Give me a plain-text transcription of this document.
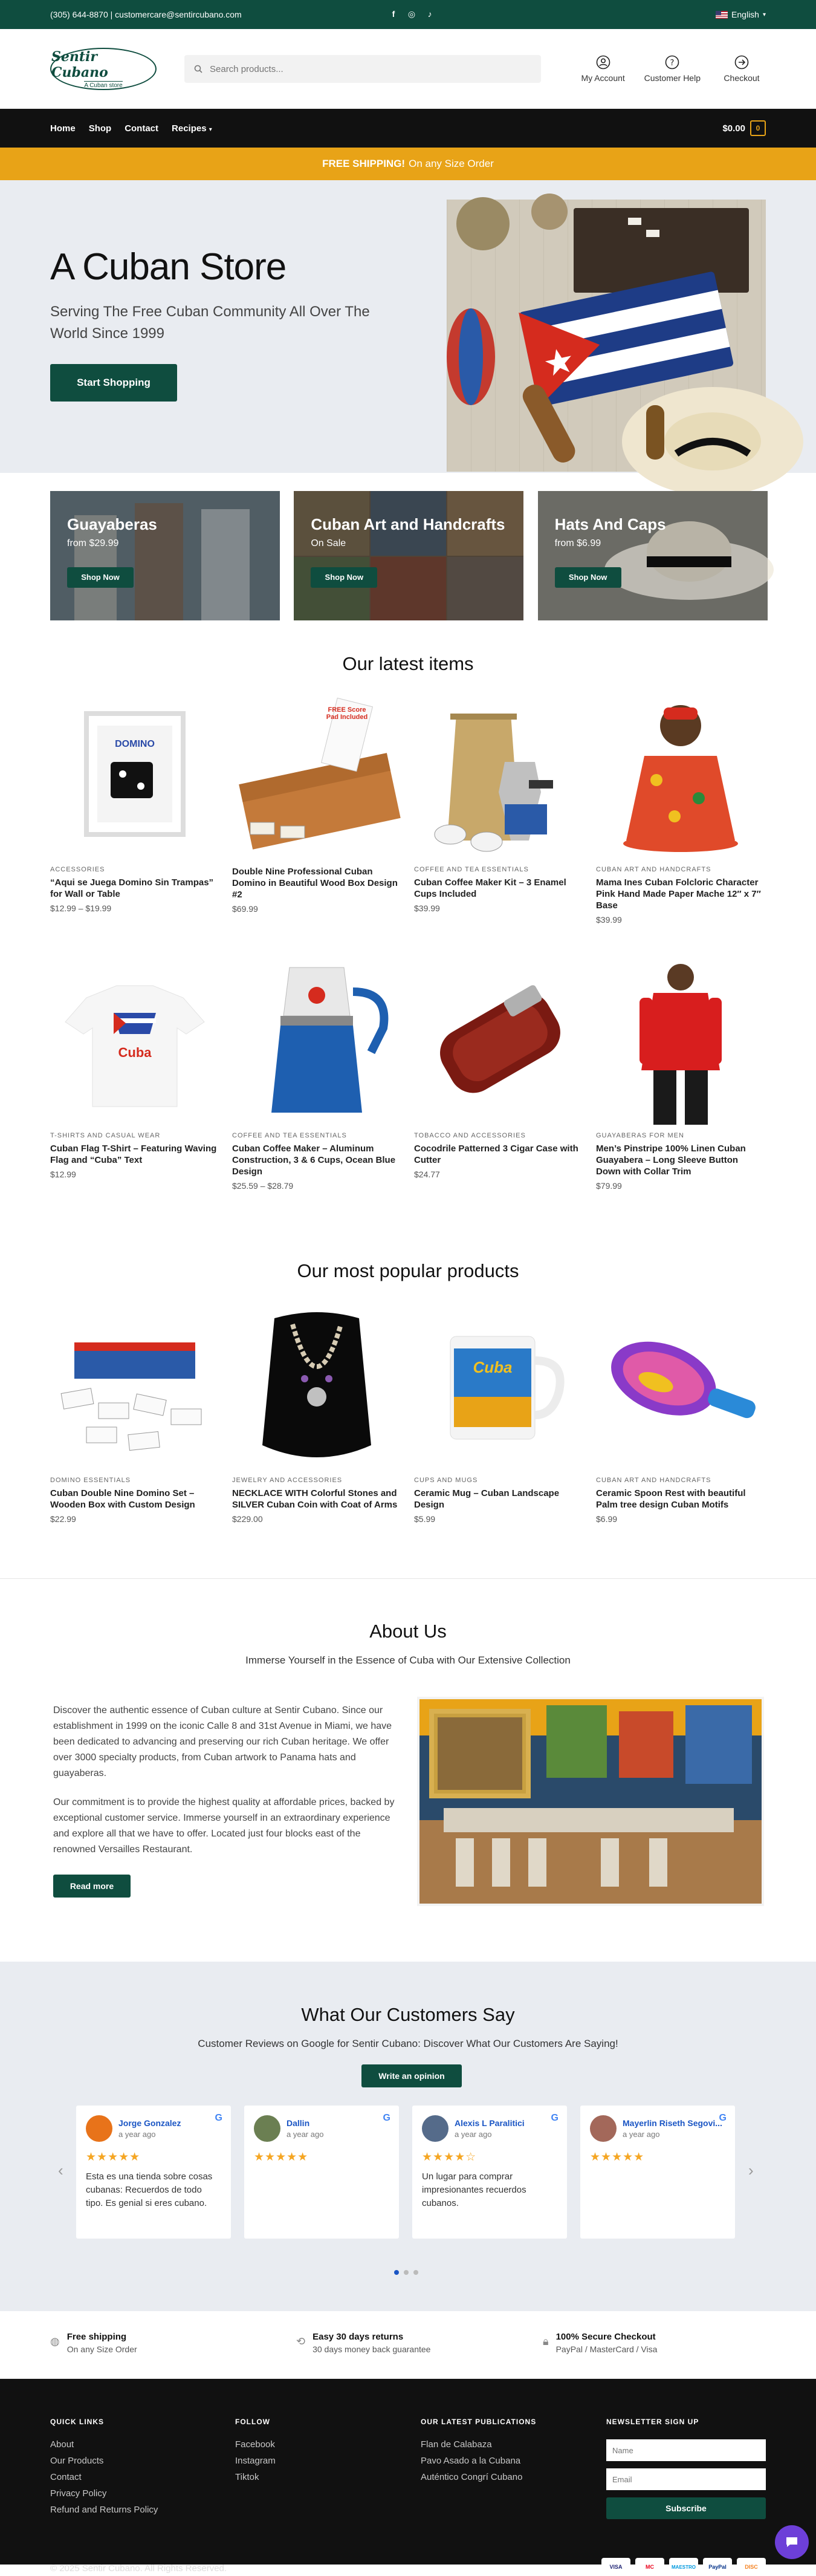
(305) 644-8870 | customercare@sentircubano.com	f	◎	♪	English ▾
Sentir Cubano
A Cuban store
Search products...
My Account
?
Customer Help	Checkout
Home Shop Contact Recipes ▾	$0.00	0
FREE SHIPPING! On any Size Order
A Cuban Store

Serving The Free Cuban Community All Over The World Since 1999

Start Shopping
Guayaberas
from $29.99
Shop Now
Cuban Art and Handcrafts
On Sale
Shop Now
Hats And Caps
from $6.99
Shop Now
Our latest items
DOMINO
ACCESSORIES
“Aqui se Juega Domino Sin Trampas” for Wall or Table
$12.99 – $19.99
FREE Score Pad Included
Double Nine Professional Cuban Domino in Beautiful Wood Box Design #2
$69.99
COFFEE AND TEA ESSENTIALS
Cuban Coffee Maker Kit – 3 Enamel Cups Included
$39.99
CUBAN ART AND HANDCRAFTS
Mama Ines Cuban Folcloric Character Pink Hand Made Paper Mache 12″ x 7″ Base
$39.99
Cuba
T-SHIRTS AND CASUAL WEAR
Cuban Flag T-Shirt – Featuring Waving Flag and “Cuba” Text
$12.99
COFFEE AND TEA ESSENTIALS
Cuban Coffee Maker – Aluminum Construction, 3 & 6 Cups, Ocean Blue Design
$25.59 – $28.79
TOBACCO AND ACCESSORIES
Cocodrile Patterned 3 Cigar Case with Cutter
$24.77
GUAYABERAS FOR MEN
Men’s Pinstripe 100% Linen Cuban Guayabera – Long Sleeve Button Down with Collar Trim
$79.99
Our most popular products
DOMINO ESSENTIALS
Cuban Double Nine Domino Set – Wooden Box with Custom Design
$22.99
JEWELRY AND ACCESSORIES
NECKLACE WITH Colorful Stones and SILVER Cuban Coin with Coat of Arms
$229.00
Cuba
CUPS AND MUGS
Ceramic Mug – Cuban Landscape Design
$5.99
CUBAN ART AND HANDCRAFTS
Ceramic Spoon Rest with beautiful Palm tree design Cuban Motifs
$6.99
About Us
Immerse Yourself in the Essence of Cuba with Our Extensive Collection

Discover the authentic essence of Cuban culture at Sentir Cubano. Since our establishment in 1999 on the iconic Calle 8 and 31st Avenue in Miami, we have been dedicated to advancing and preserving our rich Cuban heritage. We offer over 3000 specialty products, from Cuban artwork to Panama hats and guayaberas.

Our commitment is to provide the highest quality at affordable prices, backed by exceptional customer service. Immerse yourself in an extraordinary experience and explore all that we have to offer. Located just four blocks east of the renowned Versailles Restaurant.

Read more
What Our Customers Say
Customer Reviews on Google for Sentir Cubano: Discover What Our Customers Are Saying!
Write an opinion
‹
Jorge Gonzalez
a year ago
G
★★★★★
Esta es una tienda sobre cosas cubanas: Recuerdos de todo tipo. Es genial si eres cubano.
Dallin
a year ago
G
★★★★★
Alexis L Paralitici
a year ago
G
★★★★☆
Un lugar para comprar impresionantes recuerdos cubanos.
Mayerlin Riseth Segovi...
a year ago
G
★★★★★
›
◍ Free shipping
On any Size Order
⟲ Easy 30 days returns
30 days money back guarantee
🔒︎ 100% Secure Checkout
PayPal / MasterCard / Visa
QUICK LINKS
About
Our Products
Contact
Privacy Policy
Refund and Returns Policy
FOLLOW
Facebook
Instagram
Tiktok
OUR LATEST PUBLICATIONS
Flan de Calabaza
Pavo Asado a la Cubana
Auténtico Congrí Cubano
NEWSLETTER SIGN UP
Name
Email Subscribe
© 2025 Sentir Cubano. All Rights Reserved.	VISA	MC	MAESTRO	PayPal	DISC
